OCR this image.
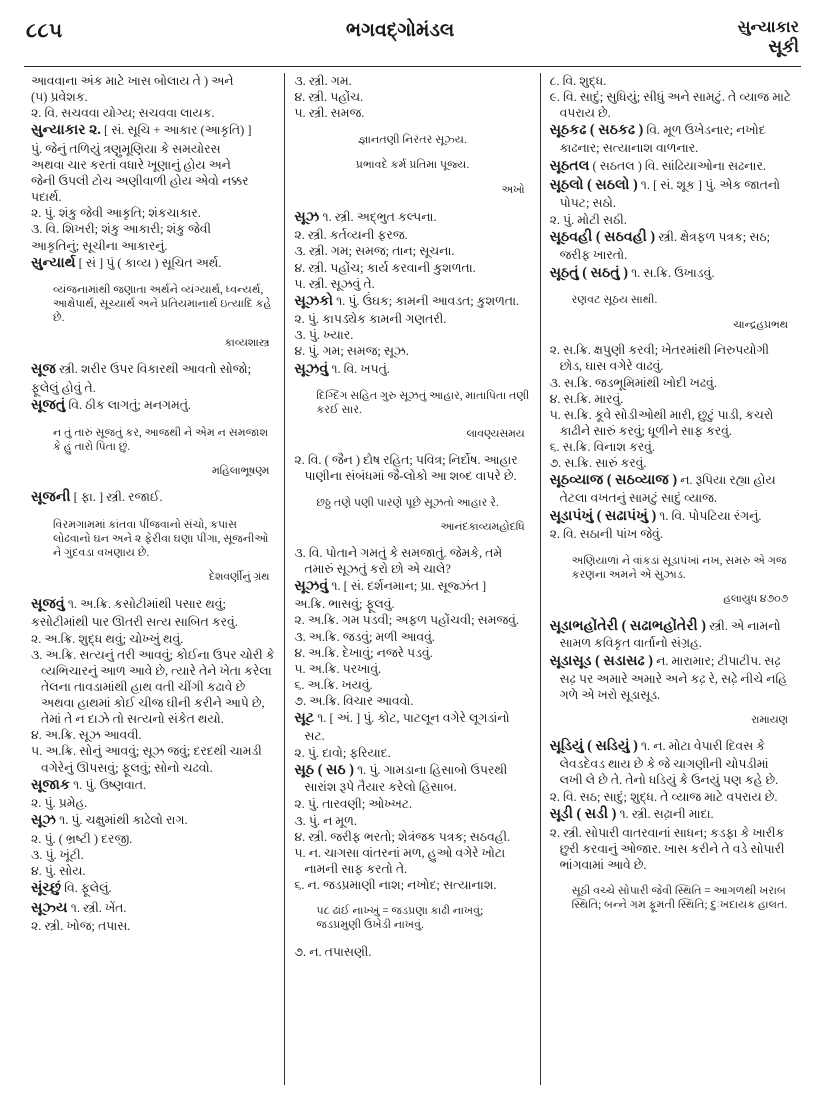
૮૮૫	ભગવદ્ગોમંડલ	સુન્યાકાર
સૂકી

આવવાના અંક માટે ખાસ બોલાય તે ) અને

(૫) પ્રવેશક.

૨. વિ. સચવવા યોગ્ય; સચવવા લાયક.

સુન્યાકાર ૨. [ સં. સૂચિ + આકાર (આકૃતિ) ]

પું. જેનું તળિયું ત્રણુમૂણિયા કે સમયોરસ

અથવા ચાર કરતાં વધારે ખૂણાનું હોય અને

જેની ઉપલી ટોચ અણીવાળી હોય એવો નક્કર

પદાર્થ.

૨. પું. શંકુ જેવી આકૃતિ; શંકચાકાર.

૩. વિ. શિખરી; શંકુ આકારી; શંકુ જેવી

આકૃતિનું; સૂચીના આકારનું.

સુન્યાર્થ [ સં ] પું ( કાવ્ય ) સૂચિત અર્થ.

વ્યંજનામાંથી જણાતા અર્થને વ્યંગ્યાર્થ, ધ્વન્યર્થ, આક્ષેપાર્થ, સૂચ્યાર્થ અને પ્રતિયમાનાર્થ ઇત્યાદિ કહે છે.

કાવ્યશાસ્ત્ર

સૂજ સ્ત્રી. શરીર ઉપર વિકારથી આવતો સોજો;

ફૂલેલું હોવું તે.

સૂજતું વિ. ઠીક લાગતું; મનગમતું.

ન તું તારું સૂજતું કર, આજથી ને એમ ન સમજાશ કે હું તારો પિતા છું.

મહિલાભૂષણ્મ

સૂજની [ ફા. ] સ્ત્રી. રજાઈ.

વિરમગામમાં કાંતવા પીંજવાનો સંચો, કપાસ લોઢવાનો ઘન અને ૨ ફેરીવા ઘણા પીંગા, સૂજનીઓ ને ગુંદવડા વખણાય છે.

દેશવર્ણીનું ગ્રંથ

સૂજવું ૧. અ.ક્રિ. કસોટીમાંથી પસાર થવું;

કસોટીમાંથી પાર ઊતરી સત્ય સાબિત કરવું.

૨. અ.ક્રિ. શુદ્ધ થવું; ચોખ્ખું થવું.

૩. અ.ક્રિ. સત્યનું તરી આવવું; કોઈના ઉપર ચોરી કે વ્યભિચારનું આળ આવે છે, ત્યારે તેને ખેતા કરેલા તેલના તાવડામાંથી હાથ વતી ચીંગી કઢાવે છે અથવા હાથમાં કોઈ ચીજ ઘીની કરીને આપે છે, તેમાં તે ન દાઝે તો સત્યનો સંકેત થયો.

૪. અ.ક્રિ. સૂઝ આવવી.

૫. અ.ક્રિ. સોનું આવવું; સૂઝ જવું; દરદથી ચામડી વગેરેનું ઊપસવું; ફૂલવું; સોનો ચઢવો.

સૂજાક ૧. પું. ઉષ્ણવાત.

૨. પું. પ્રમેહ.

સૂઝ ૧. પું. ચક્ષુમાંથી કાઢેલો રાગ.

૨. પું. ( ભ્રષ્ટી ) દરજી.

૩. પું. ખૂંટી.

૪. પું. સોય.

સૂંચ્છું વિ. ફૂલેલું.

સૂઝ્ય ૧. સ્ત્રી. ખેંત.

૨. સ્ત્રી. ખોજ; તપાસ.

૩. સ્ત્રી. ગમ.

૪. સ્ત્રી. પહોંચ.

૫. સ્ત્રી. સમજ.

જ્ઞાનતણી નિરંતર સૂઝ્ય.

પ્રભાવદે કર્મ પ્રતિમા પૂજ્ય.

અખો

સૂઝ ૧. સ્ત્રી. અદ્ભુત કલ્પના.

૨. સ્ત્રી. કર્તવ્યની ફરજ.

૩. સ્ત્રી. ગમ; સમજ; તાન; સૂચના.

૪. સ્ત્રી. પહોંચ; કાર્ય કરવાની કુશળતા.

૫. સ્ત્રી. સૂઝવું તે.

સૂઝકો ૧. પું. ઉંઘક; કામની આવડત; કુશળતા.

૨. પું. કાપડ્યેક કામની ગણતરી.

૩. પું. ખ્યાર.

૪. પું. ગમ; સમજ; સૂઝ.

સૂઝવું ૧. વિ. ખપતું.

દિગ્દિગ સહિત ગુરુ સૂઝતું આહાર, માતાપિતા તણી કરઈ સાર.

લાવણ્યસમય

૨. વિ. ( જૈન ) દોષ રહિત; પવિત્ર; નિર્દોષ. આહાર પાણીના સંબંધમાં જૈ-લોકો આ શબ્દ વાપરે છે.

છઠ્ઠ તણે પણી પારણે પૂછે સૂઝતો આહાર રે.

આનંદકાવ્યમહોદધિ

૩. વિ. પોતાને ગમતું કે સમજાતું. જેમકે, તમે તમારું સૂઝતું કરો છો એ ચાલે?

સૂઝવું ૧. [ સં. દર્શનમાન; પ્રા. સૂજ્ઝંત ]

અ.ક્રિ. ભાસવું; ફૂલવું.

૨. અ.ક્રિ. ગમ પડવી; અફળ પહોંચવી; સમજવું.

૩. અ.ક્રિ. જડવું; મળી આવવું.

૪. અ.ક્રિ. દેખાવું; નજરે પડવું.

૫. અ.ક્રિ. પરખાવું.

૬. અ.ક્રિ. ખયવું.

૭. અ.ક્રિ. વિચાર આવવો.

સૂટ ૧. [ અં. ] પું. કોટ, પાટલૂન વગેરે લૂગડાંનો સટ.

૨. પું. દાવો; ફરિયાદ.

સૂઠ ( સઠ ) ૧. પું. ગામડાના હિસાબો ઉપરથી સારાંશ રૂપે તૈયાર કરેલો હિસાબ.

૨. પું. તારવણી; ઓખ્ખટ.

૩. પું. ન મૂળ.

૪. સ્ત્રી. જરીફ ભરતો; શેત્રંજક પત્રક; સઠવહી.

૫. ન. ચાગસા વાંતરનાં મળ, હુઓ વગેરે ખોટા નામની સાફ કરતો તે.

૬. ન. જડપ્રમાણી નાશ; નખોદ; સત્યાનાશ.

૫૮ ઢાંઈ નાખ્ખું = જડપ્રણા કાઢી નાખવું; જડપ્રમુણી ઉખેડી નાખવું.

૭. ન. તપાસણી.

૮. વિ. શુદ્ધ.

૯. વિ. સાદું; સુધિયું; સીધું અને સામટું. તે વ્યાજ માટે વપરાય છે.

સૂઠકઢ ( સઠકઢ ) વિ. મૂળ ઉખેડનાર; નખોદ કાઢનાર; સત્યાનાશ વાળનાર.

સૂઠતલ ( સઠતલ ) વિ. સાંઢિયાઓના સઢનાર.

સૂઠલો ( સઠલો ) ૧. [ સં. શૂક ] પું. એક જાતનો પોપટ; સઠો.

૨. પું. મોટી સઠી.

સૂઠવહી ( સઠવહી ) સ્ત્રી. ક્ષેત્રફળ પત્રક; સઠ; જરીફ ખારતો.

સૂઠતું ( સઠતું ) ૧. સ.ક્રિ. ઉખાડવું.

રણવટ સૂઠય સાથી.

ચાન્દ્રહપ્રભથ

૨. સ.ક્રિ. ક્ષપુણી કરવી; ખેતરમાંથી નિરુપયોગી છોડ, ઘાસ વગેરે વાઢવું.

૩. સ.ક્રિ. જડભૂમિમાંથી ખોદી ખઢવું.

૪. સ.ક્રિ. મારવું.

૫. સ.ક્રિ. કૂવે સોડીઓથી મારી, છુટું પાડી, કચરો કાઢીને સારું કરવું; ધૂળીને સાફ કરવું.

૬. સ.ક્રિ. વિનાશ કરવું.

૭. સ.ક્રિ. સારું કરવું.

સૂઠવ્યાજ ( સઠવ્યાજ ) ન. રૂપિયા રહ્યા હોય તેટલા વખતનું સામટું સાદું વ્યાજ.

સૂડાપંખું ( સઢાપંખું ) ૧. વિ. પોપટિયા રંગનું.

૨. વિ. સઠાની પાંખ જેવું.

અણિયાળાં ને વાંકડાં સૂડાપંખાં નખ, સમરુ એ ગજ કરણના અમને એ સુઝાડ.

હલાયુધ ૪૭૦૭

સૂડાભહોંતેરી ( સઢાભહોંતેરી ) સ્ત્રી. એ નામનો સામળ કવિકૃત વાર્તાનો સંગ્રહ.

સૂડાસૂડ ( સડાસઢ ) ન. મારામાર; ટીપાટીપ. સઢ઼઼ સઢ઼ પર અમારે અમારે અને કઢ઼ રે, સઢ઼ે નીચે નહિ ગળે એ ખરો સૂડાસૂડ.

રામાયણ

સૂડિયું ( સડિયું ) ૧. ન. મોટા વેપારી દિવસ કે લેવડદેવડ થાય છે કે જે ચાગણીની ચોપડીમાં લખી લે છે તે. તેનો ધડિયું કે ઉનયું પણ કહે છે.

૨. વિ. સઠ; સાદું; શુદ્ધ. તે વ્યાજ માટે વપરાય છે.

સૂડી ( સડી ) ૧. સ્ત્રી. સઢ઼ાની માદા.

૨. સ્ત્રી. સોપારી વાતરવાનાં સાધન; કડફા કે ખારીક છુરી કરવાનું ઓજાર. ખાસ કરીને તે વડે સોપારી ભાંગવામાં આવે છે.

સૂઠી વચ્ચે સોપારી જેવી સ્થિતિ = આગળથી ખરાબ સ્થિતિ; બન્ને ગમ ફૂમતી સ્થિતિ; દુઃખદાયક હાલત.
